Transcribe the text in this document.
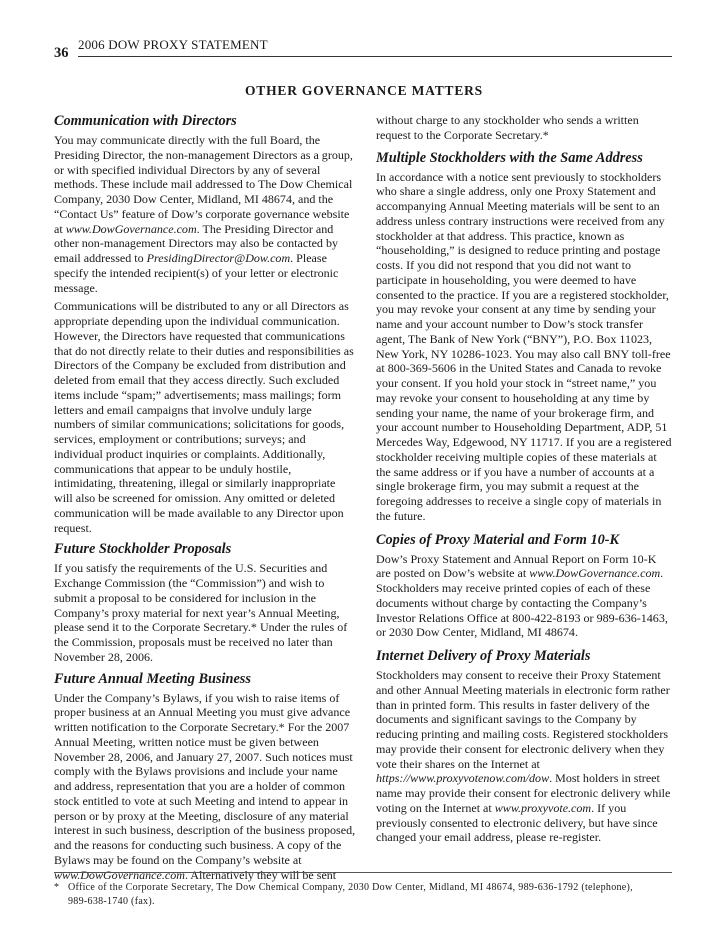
36
2006 DOW PROXY STATEMENT
OTHER GOVERNANCE MATTERS
Communication with Directors

You may communicate directly with the full Board, the Presiding Director, the non-management Directors as a group, or with specified individual Directors by any of several methods. These include mail addressed to The Dow Chemical Company, 2030 Dow Center, Midland, MI 48674, and the “Contact Us” feature of Dow’s corporate governance website at www.DowGovernance.com. The Presiding Director and other non-management Directors may also be contacted by email addressed to PresidingDirector@Dow.com. Please specify the intended recipient(s) of your letter or electronic message.

Communications will be distributed to any or all Directors as appropriate depending upon the individual communication. However, the Directors have requested that communications that do not directly relate to their duties and responsibilities as Directors of the Company be excluded from distribution and deleted from email that they access directly. Such excluded items include “spam;” advertisements; mass mailings; form letters and email campaigns that involve unduly large numbers of similar communications; solicitations for goods, services, employment or contributions; surveys; and individual product inquiries or complaints. Additionally, communications that appear to be unduly hostile, intimidating, threatening, illegal or similarly inappropriate will also be screened for omission. Any omitted or deleted communication will be made available to any Director upon request.

Future Stockholder Proposals

If you satisfy the requirements of the U.S. Securities and Exchange Commission (the “Commission”) and wish to submit a proposal to be considered for inclusion in the Company’s proxy material for next year’s Annual Meeting, please send it to the Corporate Secretary.* Under the rules of the Commission, proposals must be received no later than November 28, 2006.

Future Annual Meeting Business

Under the Company’s Bylaws, if you wish to raise items of proper business at an Annual Meeting you must give advance written notification to the Corporate Secretary.* For the 2007 Annual Meeting, written notice must be given between November 28, 2006, and January 27, 2007. Such notices must comply with the Bylaws provisions and include your name and address, representation that you are a holder of common stock entitled to vote at such Meeting and intend to appear in person or by proxy at the Meeting, disclosure of any material interest in such business, description of the business proposed, and the reasons for conducting such business. A copy of the Bylaws may be found on the Company’s website at www.DowGovernance.com. Alternatively they will be sent

without charge to any stockholder who sends a written request to the Corporate Secretary.*

Multiple Stockholders with the Same Address

In accordance with a notice sent previously to stockholders who share a single address, only one Proxy Statement and accompanying Annual Meeting materials will be sent to an address unless contrary instructions were received from any stockholder at that address. This practice, known as “householding,” is designed to reduce printing and postage costs. If you did not respond that you did not want to participate in householding, you were deemed to have consented to the practice. If you are a registered stockholder, you may revoke your consent at any time by sending your name and your account number to Dow’s stock transfer agent, The Bank of New York (“BNY”), P.O. Box 11023, New York, NY 10286-1023. You may also call BNY toll-free at 800-369-5606 in the United States and Canada to revoke your consent. If you hold your stock in “street name,” you may revoke your consent to householding at any time by sending your name, the name of your brokerage firm, and your account number to Householding Department, ADP, 51 Mercedes Way, Edgewood, NY 11717. If you are a registered stockholder receiving multiple copies of these materials at the same address or if you have a number of accounts at a single brokerage firm, you may submit a request at the foregoing addresses to receive a single copy of materials in the future.

Copies of Proxy Material and Form 10-K

Dow’s Proxy Statement and Annual Report on Form 10-K are posted on Dow’s website at www.DowGovernance.com. Stockholders may receive printed copies of each of these documents without charge by contacting the Company’s Investor Relations Office at 800-422-8193 or 989-636-1463, or 2030 Dow Center, Midland, MI 48674.

Internet Delivery of Proxy Materials

Stockholders may consent to receive their Proxy Statement and other Annual Meeting materials in electronic form rather than in printed form. This results in faster delivery of the documents and significant savings to the Company by reducing printing and mailing costs. Registered stockholders may provide their consent for electronic delivery when they vote their shares on the Internet at https://www.proxyvotenow.com/dow. Most holders in street name may provide their consent for electronic delivery while voting on the Internet at www.proxyvote.com. If you previously consented to electronic delivery, but have since changed your email address, please re-register.

* Office of the Corporate Secretary, The Dow Chemical Company, 2030 Dow Center, Midland, MI 48674, 989-636-1792 (telephone),
989-638-1740 (fax).
